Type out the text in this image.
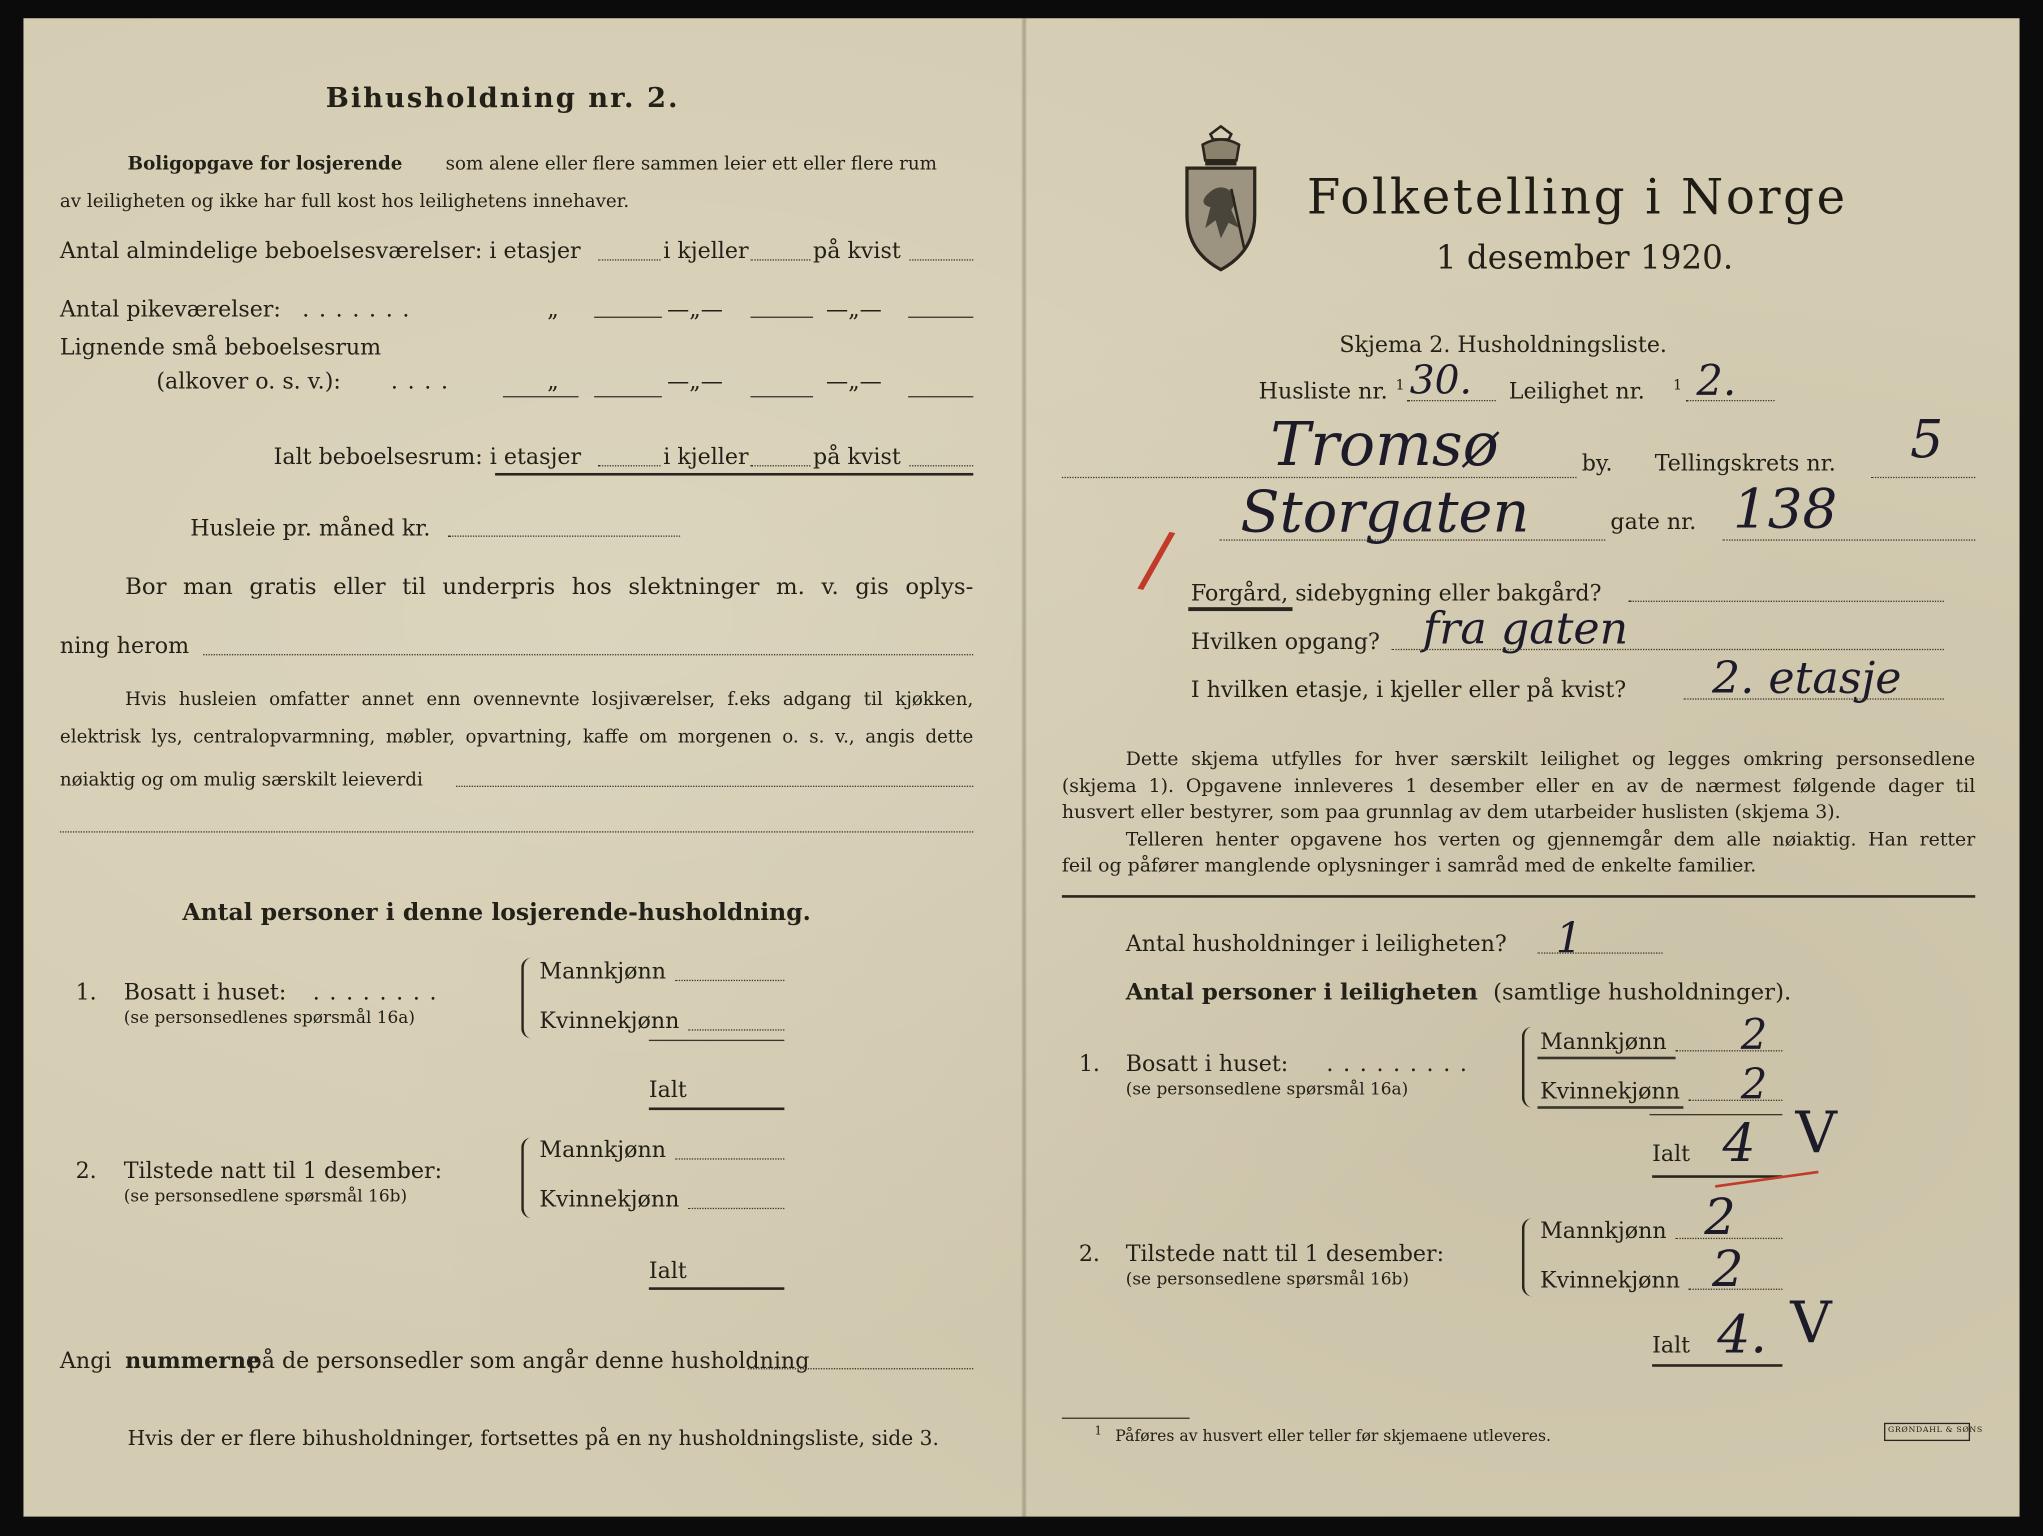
Bihusholdning nr. 2.
Boligopgave for losjerende	som alene eller flere sammen leier ett eller flere rum
av leiligheten og ikke har full kost hos leilighetens innehaver.
Antal almindelige beboelsesværelser: i etasjer	i kjeller	på kvist
Antal pikeværelser: . . . . . . .	„	—„—	—„—
Lignende små beboelsesrum
(alkover o. s. v.):	. . . .	„	—„—	—„—
Ialt beboelsesrum: i etasjer	i kjeller	på kvist
Husleie pr. måned kr.
Bor man gratis eller til underpris hos slektninger m. v. gis oplys-
ning herom
Hvis husleien omfatter annet enn ovennevnte losjiværelser, f.eks adgang til kjøkken,
elektrisk lys, centralopvarmning, møbler, opvartning, kaffe om morgenen o. s. v., angis dette
nøiaktig og om mulig særskilt leieverdi
Antal personer i denne losjerende-husholdning.
1. Bosatt i huset: . . . . . . . .
(se personsedlenes spørsmål 16a)
Mannkjønn
Kvinnekjønn
Ialt
2. Tilstede natt til 1 desember:
(se personsedlene spørsmål 16b)
Mannkjønn
Kvinnekjønn
Ialt
Angi nummerne
på de personsedler som angår denne husholdning
Hvis der er flere bihusholdninger, fortsettes på en ny husholdningsliste, side 3.
Folketelling i Norge
1 desember 1920.
Skjema 2. Husholdningsliste.
Husliste nr. 1 30. Leilighet nr.	1 2.
Tromsø	by. Tellingskrets nr. 5
Storgaten	gate nr. 138
/ Forgård, sidebygning eller bakgård?
Hvilken opgang? fra gaten
I hvilken etasje, i kjeller eller på kvist?	2. etasje
Dette skjema utfylles for hver særskilt leilighet og legges omkring personsedlene
(skjema 1). Opgavene innleveres 1 desember eller en av de nærmest følgende dager til
husvert eller bestyrer, som paa grunnlag av dem utarbeider huslisten (skjema 3).
Telleren henter opgavene hos verten og gjennemgår dem alle nøiaktig. Han retter
feil og påfører manglende oplysninger i samråd med de enkelte familier.
Antal husholdninger i leiligheten? 1
Antal personer i leiligheten (samtlige husholdninger).
1. Bosatt i huset: . . . . . . . . .
(se personsedlene spørsmål 16a)
Mannkjønn 2
Kvinnekjønn 2
Ialt 4 V
2. Tilstede natt til 1 desember:
(se personsedlene spørsmål 16b)
Mannkjønn 2
Kvinnekjønn 2
Ialt 4. V
1 Påføres av husvert eller teller før skjemaene utleveres.	GRØNDAHL & SØNS
